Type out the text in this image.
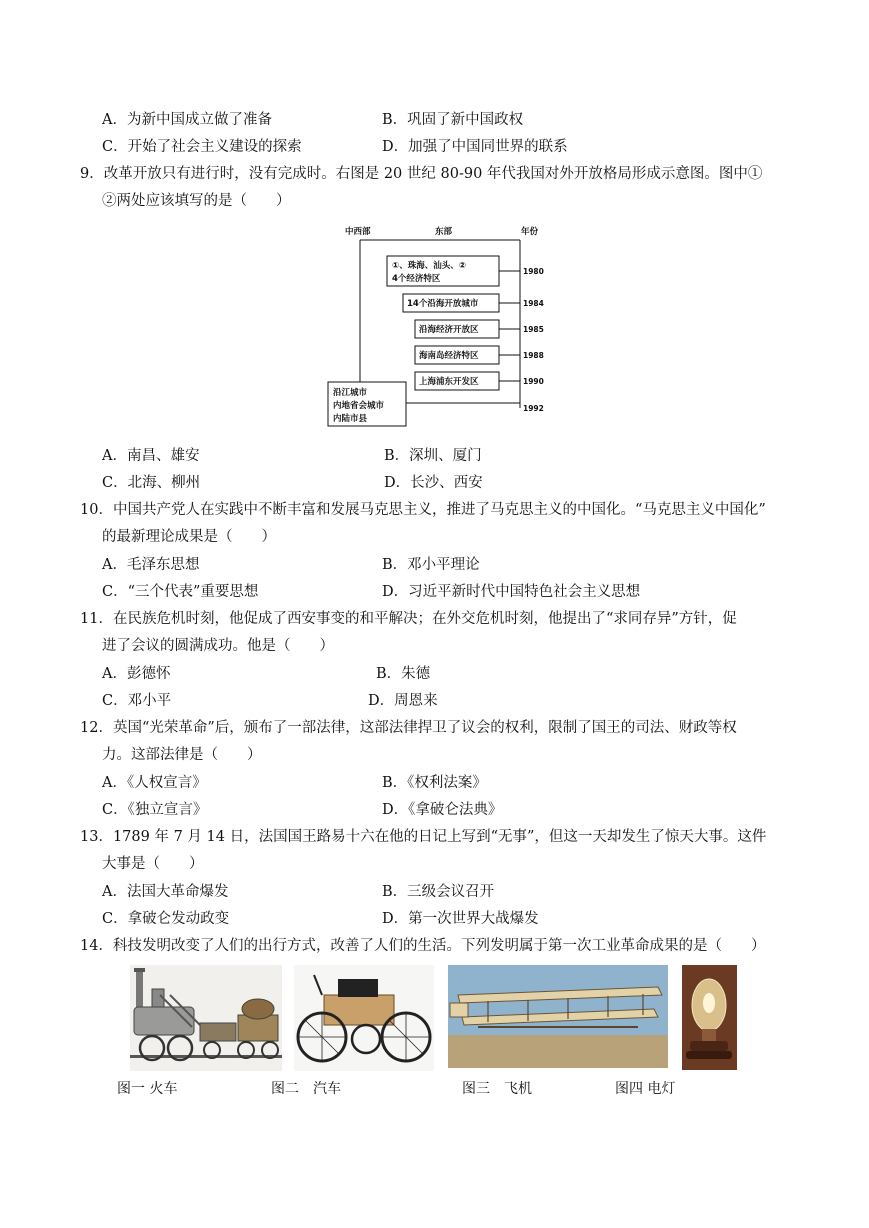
A．为新中国成立做了准备	B．巩固了新中国政权
C．开始了社会主义建设的探索	D．加强了中国同世界的联系
9．改革开放只有进行时，没有完成时。右图是 20 世纪 80-90 年代我国对外开放格局形成示意图。图中①
②两处应该填写的是（　　）
中西部	东部	年份
①、珠海、汕头、②
4个经济特区
14个沿海开放城市
沿海经济开放区
海南岛经济特区
上海浦东开发区
沿江城市
内地省会城市
内陆市县
1980
1984
1985
1988
1990
1992
A．南昌、雄安	B．深圳、厦门
C．北海、柳州	D．长沙、西安
10．中国共产党人在实践中不断丰富和发展马克思主义，推进了马克思主义的中国化。“马克思主义中国化”
的最新理论成果是（　　）
A．毛泽东思想	B．邓小平理论
C．“三个代表”重要思想	D．习近平新时代中国特色社会主义思想
11．在民族危机时刻，他促成了西安事变的和平解决；在外交危机时刻，他提出了“求同存异”方针，促
进了会议的圆满成功。他是（　　）
A．彭德怀	B．朱德
C．邓小平	D．周恩来
12．英国“光荣革命”后，颁布了一部法律，这部法律捍卫了议会的权利，限制了国王的司法、财政等权
力。这部法律是（　　）
A．《人权宣言》	B．《权利法案》
C．《独立宣言》	D．《拿破仑法典》
13．1789 年 7 月 14 日，法国国王路易十六在他的日记上写到“无事”，但这一天却发生了惊天大事。这件
大事是（　　）
A．法国大革命爆发	B．三级会议召开
C．拿破仑发动政变	D．第一次世界大战爆发
14．科技发明改变了人们的出行方式，改善了人们的生活。下列发明属于第一次工业革命成果的是（　　）
图一 火车	图二　汽车	图三　飞机	图四 电灯
